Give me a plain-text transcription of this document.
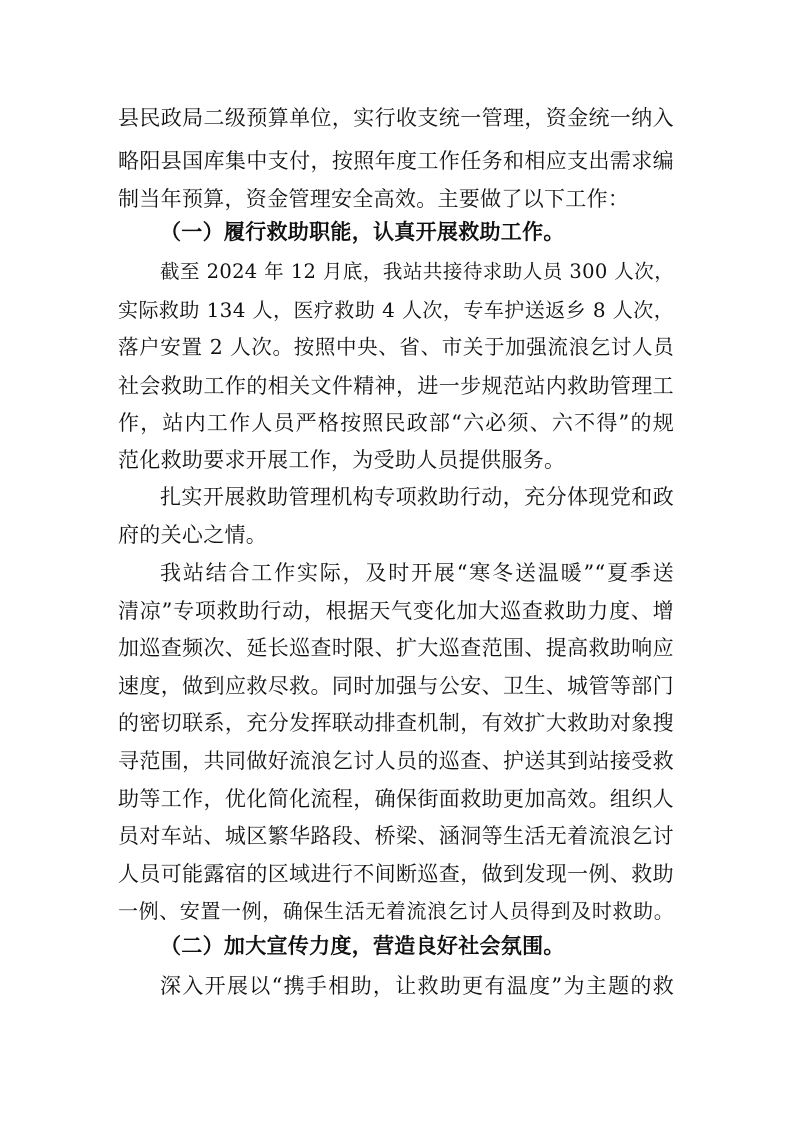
县民政局二级预算单位，实行收支统一管理，资金统一纳入
略阳县国库集中支付，按照年度工作任务和相应支出需求编
制当年预算，资金管理安全高效。主要做了以下工作：
（一）履行救助职能，认真开展救助工作。
截至 2024 年 12 月底，我站共接待求助人员 300 人次，
实际救助 134 人，医疗救助 4 人次，专车护送返乡 8 人次，
落户安置 2 人次。按照中央、省、市关于加强流浪乞讨人员
社会救助工作的相关文件精神，进一步规范站内救助管理工
作，站内工作人员严格按照民政部“六必须、六不得”的规
范化救助要求开展工作，为受助人员提供服务。
扎实开展救助管理机构专项救助行动，充分体现党和政
府的关心之情。
我站结合工作实际，及时开展“寒冬送温暖”“夏季送
清凉”专项救助行动，根据天气变化加大巡查救助力度、增
加巡查频次、延长巡查时限、扩大巡查范围、提高救助响应
速度，做到应救尽救。同时加强与公安、卫生、城管等部门
的密切联系，充分发挥联动排查机制，有效扩大救助对象搜
寻范围，共同做好流浪乞讨人员的巡查、护送其到站接受救
助等工作，优化简化流程，确保街面救助更加高效。组织人
员对车站、城区繁华路段、桥梁、涵洞等生活无着流浪乞讨
人员可能露宿的区域进行不间断巡查，做到发现一例、救助
一例、安置一例，确保生活无着流浪乞讨人员得到及时救助。
（二）加大宣传力度，营造良好社会氛围。
深入开展以“携手相助，让救助更有温度”为主题的救
